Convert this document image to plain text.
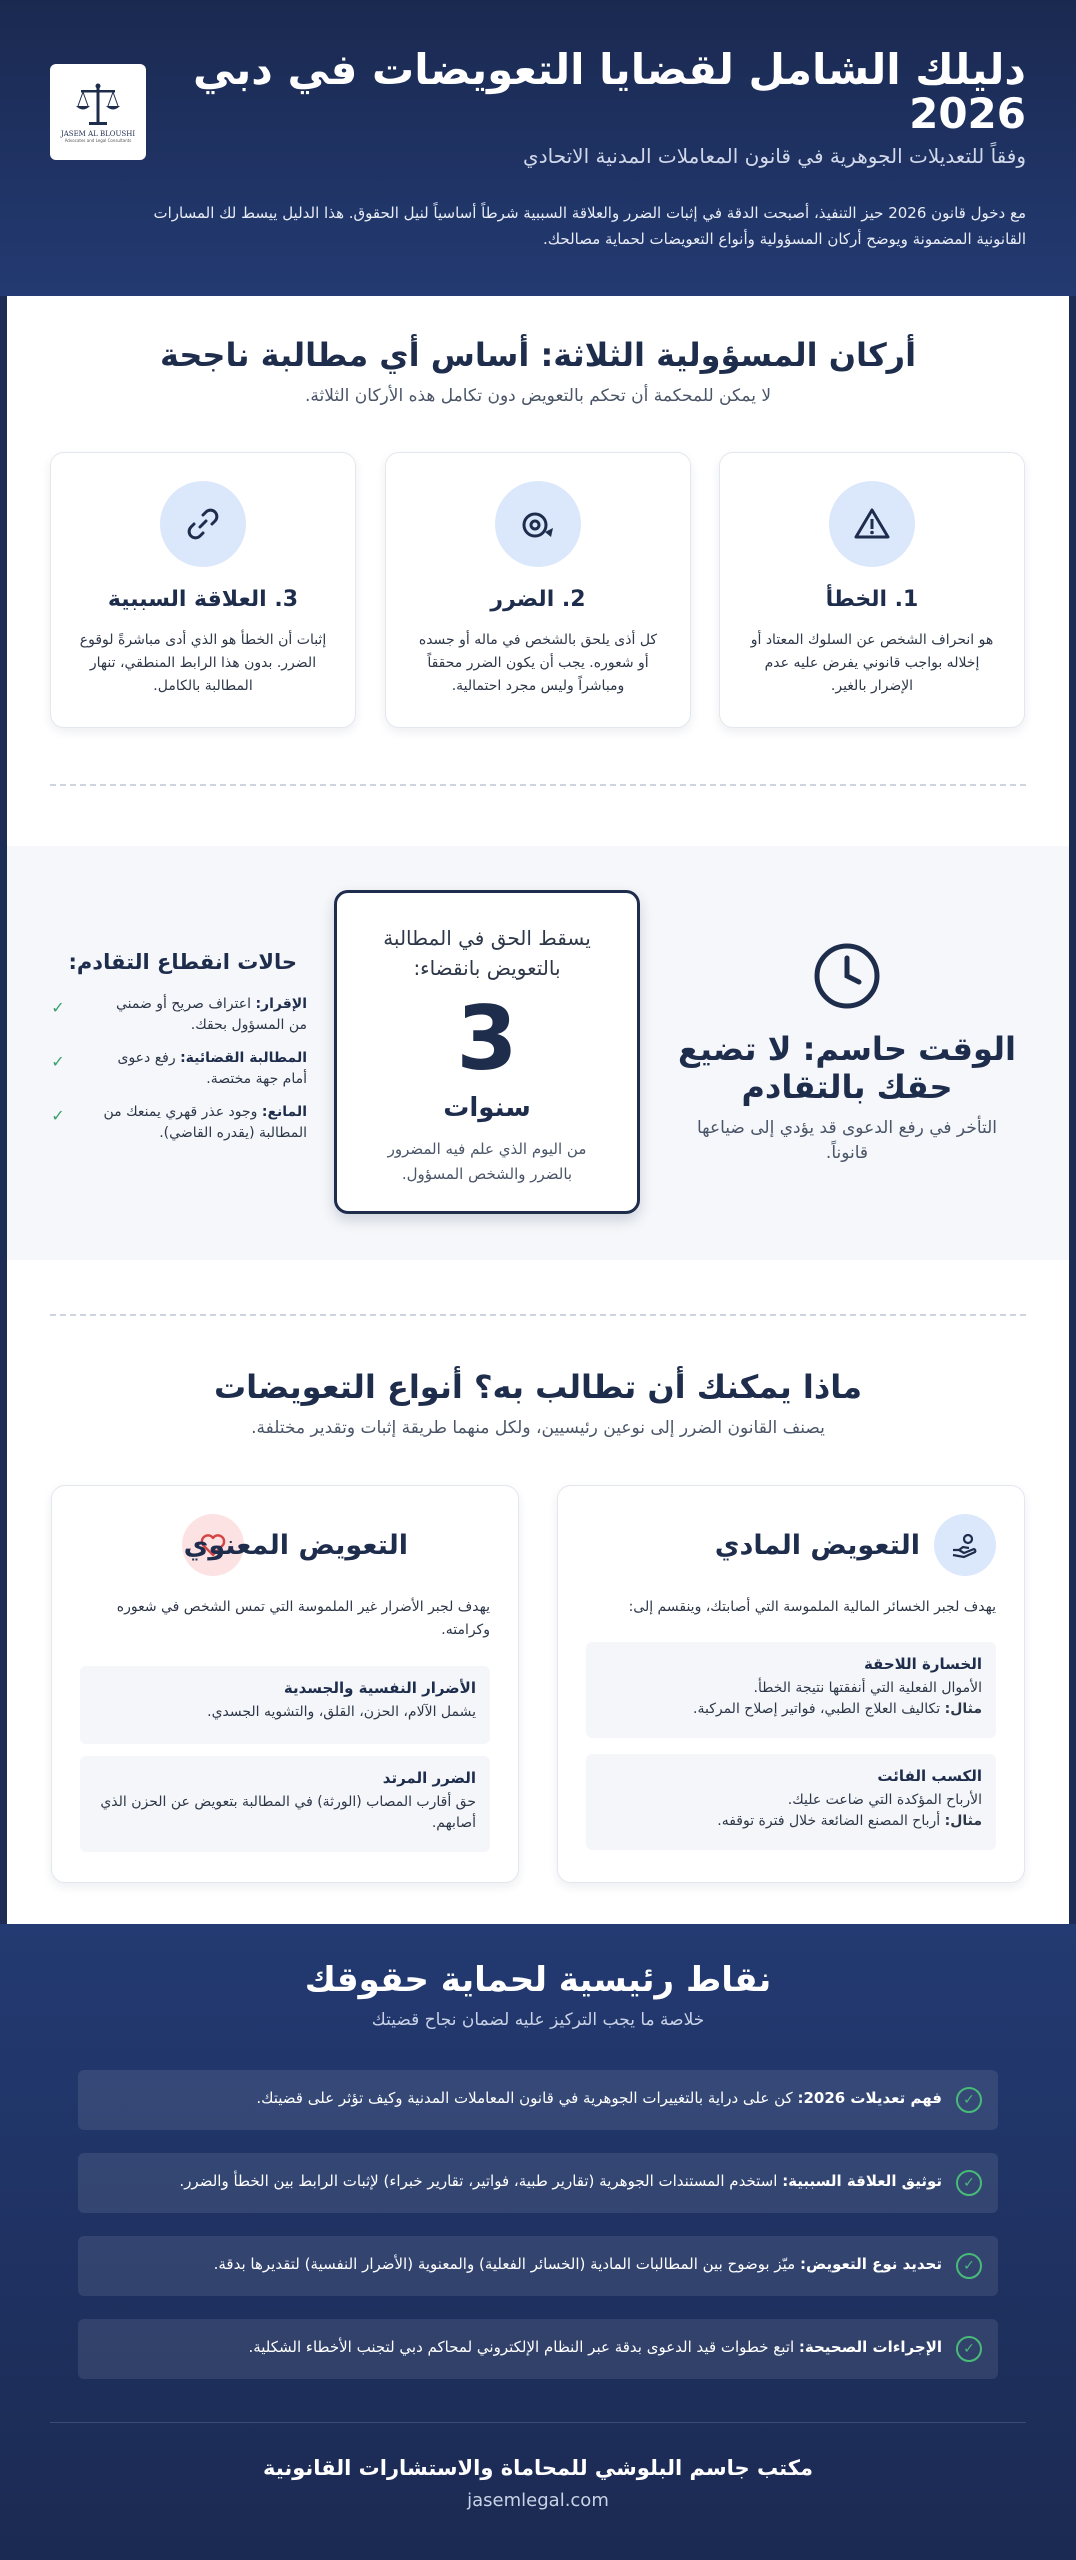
JASEM AL BLOUSHI
Advocates and Legal Consultants
دليلك الشامل لقضايا التعويضات في دبي 2026
وفقاً للتعديلات الجوهرية في قانون المعاملات المدنية الاتحادي
مع دخول قانون 2026 حيز التنفيذ، أصبحت الدقة في إثبات الضرر والعلاقة السببية شرطاً أساسياً لنيل الحقوق. هذا الدليل ييسط لك المسارات القانونية المضمونة ويوضح أركان المسؤولية وأنواع التعويضات لحماية مصالحك.
أركان المسؤولية الثلاثة: أساس أي مطالبة ناجحة
لا يمكن للمحكمة أن تحكم بالتعويض دون تكامل هذه الأركان الثلاثة.
1. الخطأ

هو انحراف الشخص عن السلوك المعتاد أو إخلاله بواجب قانوني يفرض عليه عدم الإضرار بالغير.

2. الضرر

كل أذى يلحق بالشخص في ماله أو جسده أو شعوره. يجب أن يكون الضرر محققاً ومباشراً وليس مجرد احتمالية.

3. العلاقة السببية

إثبات أن الخطأ هو الذي أدى مباشرةً لوقوع الضرر. بدون هذا الرابط المنطقي، تنهار المطالبة بالكامل.

الوقت حاسم: لا تضيع حقك بالتقادم
التأخر في رفع الدعوى قد يؤدي إلى ضياعها قانوناً.
يسقط الحق في المطالبة بالتعويض بانقضاء:
3
سنوات
من اليوم الذي علم فيه المضرور بالضرر والشخص المسؤول.
حالات انقطاع التقادم:
✓	الإقرار: اعتراف صريح أو ضمني من المسؤول بحقك.
✓	المطالبة القضائية: رفع دعوى أمام جهة مختصة.
✓	المانع: وجود عذر قهري يمنعك من المطالبة (يقدره القاضي).
ماذا يمكنك أن تطالب به؟ أنواع التعويضات
يصنف القانون الضرر إلى نوعين رئيسيين، ولكل منهما طريقة إثبات وتقدير مختلفة.
التعويض المادي
يهدف لجبر الخسائر المالية الملموسة التي أصابتك، وينقسم إلى:
الخسارة اللاحقة
الأموال الفعلية التي أنفقتها نتيجة الخطأ.
مثال: تكاليف العلاج الطبي، فواتير إصلاح المركبة.
الكسب الفائت
الأرباح المؤكدة التي ضاعت عليك.
مثال: أرباح المصنع الضائعة خلال فترة توقفه.
التعويض المعنوي
يهدف لجبر الأضرار غير الملموسة التي تمس الشخص في شعوره وكرامته.
الأضرار النفسية والجسدية
يشمل الآلام، الحزن، القلق، والتشويه الجسدي.
الضرر المرتد
حق أقارب المصاب (الورثة) في المطالبة بتعويض عن الحزن الذي أصابهم.
نقاط رئيسية لحماية حقوقك
خلاصة ما يجب التركيز عليه لضمان نجاح قضيتك
✓
فهم تعديلات 2026: كن على دراية بالتغييرات الجوهرية في قانون المعاملات المدنية وكيف تؤثر على قضيتك.
✓
توثيق العلاقة السببية: استخدم المستندات الجوهرية (تقارير طبية، فواتير، تقارير خبراء) لإثبات الرابط بين الخطأ والضرر.
✓
تحديد نوع التعويض: ميّز بوضوح بين المطالبات المادية (الخسائر الفعلية) والمعنوية (الأضرار النفسية) لتقديرها بدقة.
✓
الإجراءات الصحيحة: اتبع خطوات قيد الدعوى بدقة عبر النظام الإلكتروني لمحاكم دبي لتجنب الأخطاء الشكلية.
مكتب جاسم البلوشي للمحاماة والاستشارات القانونية
jasemlegal.com
